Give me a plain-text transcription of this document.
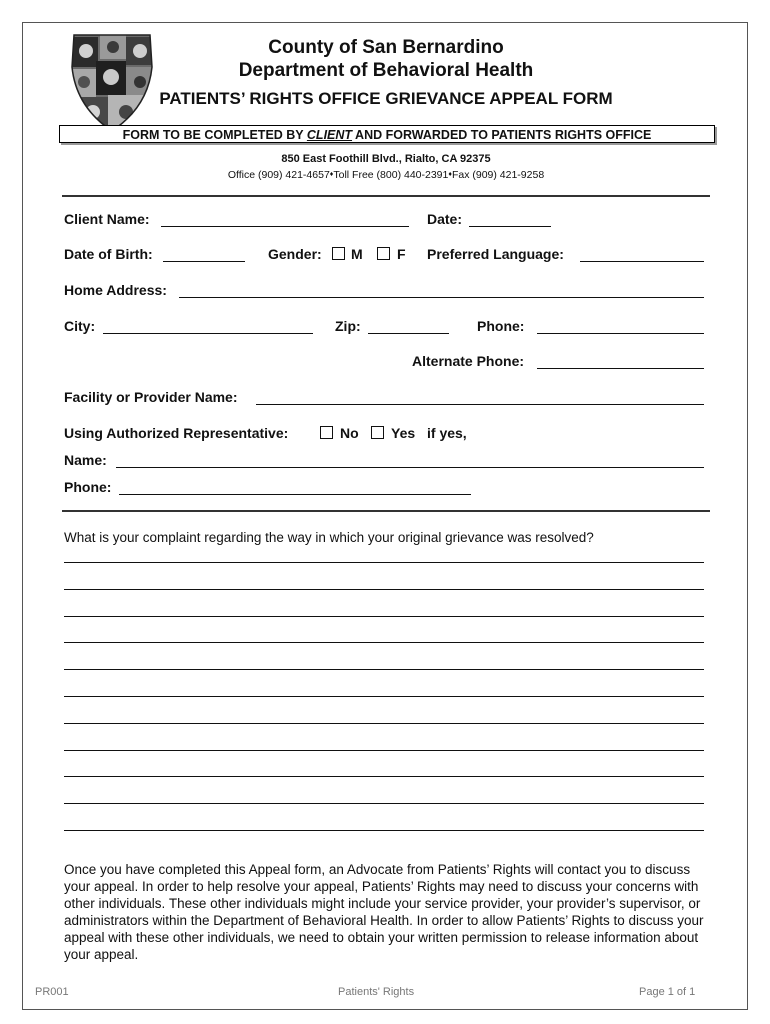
County of San Bernardino
Department of Behavioral Health
PATIENTS’ RIGHTS OFFICE GRIEVANCE APPEAL FORM
FORM TO BE COMPLETED BY CLIENT AND FORWARDED TO PATIENTS RIGHTS OFFICE
850 East Foothill Blvd., Rialto, CA 92375
Office (909) 421-4657♦Toll Free (800) 440-2391♦Fax (909) 421-9258
Client Name:	Date:
Date of Birth:	Gender: M F Preferred Language:
Home Address:
City:	Zip:	Phone:
Alternate Phone:
Facility or Provider Name:
Using Authorized Representative:	No Yes if yes,
Name:
Phone:
What is your complaint regarding the way in which your original grievance was resolved?
Once you have completed this Appeal form, an Advocate from Patients’ Rights will contact you to discuss your appeal. In order to help resolve your appeal, Patients’ Rights may need to discuss your concerns with other individuals. These other individuals might include your service provider, your provider’s supervisor, or administrators within the Department of Behavioral Health. In order to allow Patients’ Rights to discuss your appeal with these other individuals, we need to obtain your written permission to release information about your appeal.
PR001	Patients' Rights	Page 1 of 1
